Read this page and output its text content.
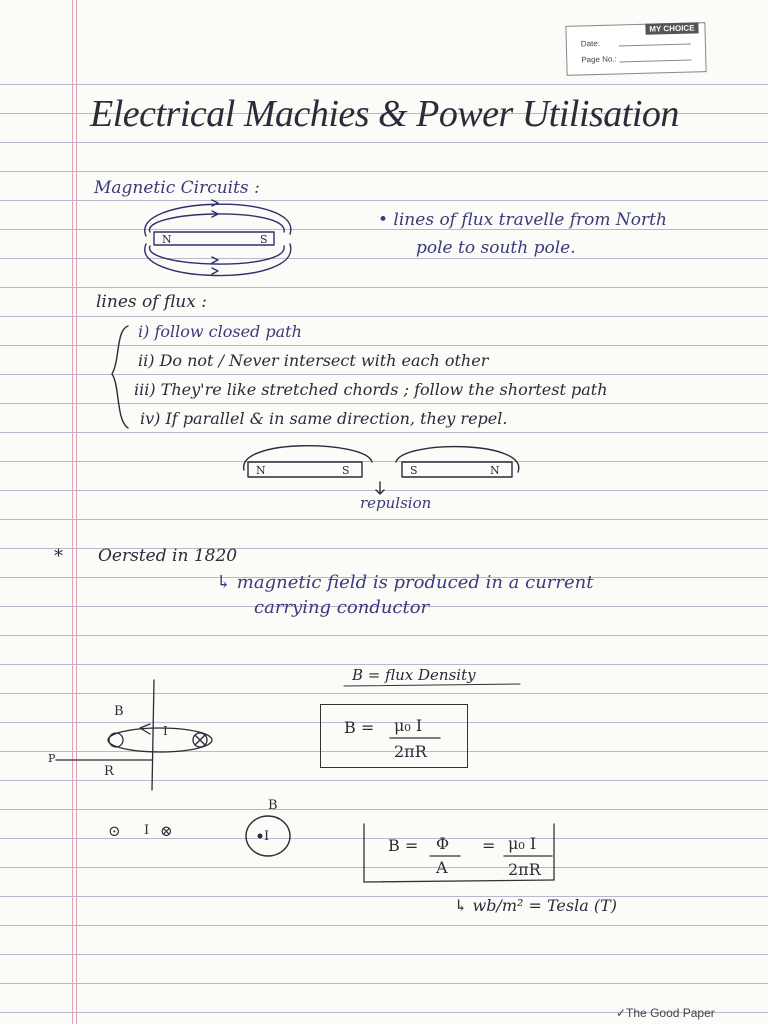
MY CHOICE
Date:
Page No.:
Electrical Machies & Power Utilisation
Magnetic Circuits :
• lines of flux travelle from North
pole to south pole.
N	S
lines of flux :
i) follow closed path
ii) Do not / Never intersect with each other
iii) They're like stretched chords ; follow the shortest path
iv) If parallel & in same direction, they repel.
N	S	S	N
repulsion
* Oersted in 1820
↳ magnetic field is produced in a current
carrying conductor
B = flux Density
B = μ₀ I
2πR
B
I
R
P
⊙ I ⊗
B
I	B = Φ
A
= μ₀ I
2πR
↳ wb/m² = Tesla (T)
✓The Good Paper
